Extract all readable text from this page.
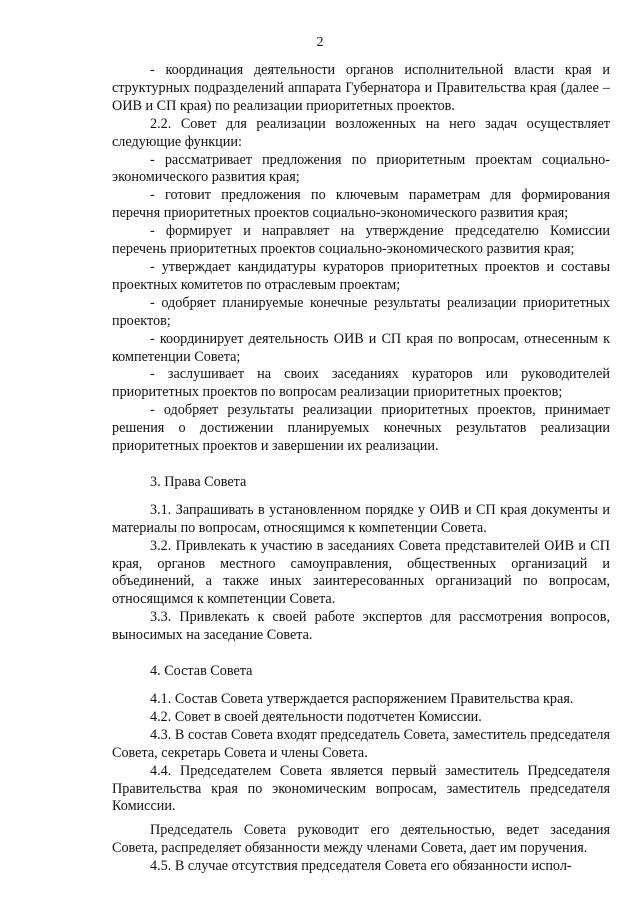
2

- координация деятельности органов исполнительной власти края и структурных подразделений аппарата Губернатора и Правительства края (далее – ОИВ и СП края) по реализации приоритетных проектов.

2.2. Совет для реализации возложенных на него задач осуществляет следующие функции:

- рассматривает предложения по приоритетным проектам социально-экономического развития края;

- готовит предложения по ключевым параметрам для формирования перечня приоритетных проектов социально-экономического развития края;

- формирует и направляет на утверждение председателю Комиссии перечень приоритетных проектов социально-экономического развития края;

- утверждает кандидатуры кураторов приоритетных проектов и составы проектных комитетов по отраслевым проектам;

- одобряет планируемые конечные результаты реализации приоритетных проектов;

- координирует деятельность ОИВ и СП края по вопросам, отнесенным к компетенции Совета;

- заслушивает на своих заседаниях кураторов или руководителей приоритетных проектов по вопросам реализации приоритетных проектов;

- одобряет результаты реализации приоритетных проектов, принимает решения о достижении планируемых конечных результатов реализации приоритетных проектов и завершении их реализации.

3. Права Совета

3.1. Запрашивать в установленном порядке у ОИВ и СП края документы и материалы по вопросам, относящимся к компетенции Совета.

3.2. Привлекать к участию в заседаниях Совета представителей ОИВ и СП края, органов местного самоуправления, общественных организаций и объединений, а также иных заинтересованных организаций по вопросам, относящимся к компетенции Совета.

3.3. Привлекать к своей работе экспертов для рассмотрения вопросов, выносимых на заседание Совета.

4. Состав Совета

4.1. Состав Совета утверждается распоряжением Правительства края.

4.2. Совет в своей деятельности подотчетен Комиссии.

4.3. В состав Совета входят председатель Совета, заместитель председателя Совета, секретарь Совета и члены Совета.

4.4. Председателем Совета является первый заместитель Председателя Правительства края по экономическим вопросам, заместитель председателя Комиссии.

Председатель Совета руководит его деятельностью, ведет заседания Совета, распределяет обязанности между членами Совета, дает им поручения.

4.5. В случае отсутствия председателя Совета его обязанности испол-
